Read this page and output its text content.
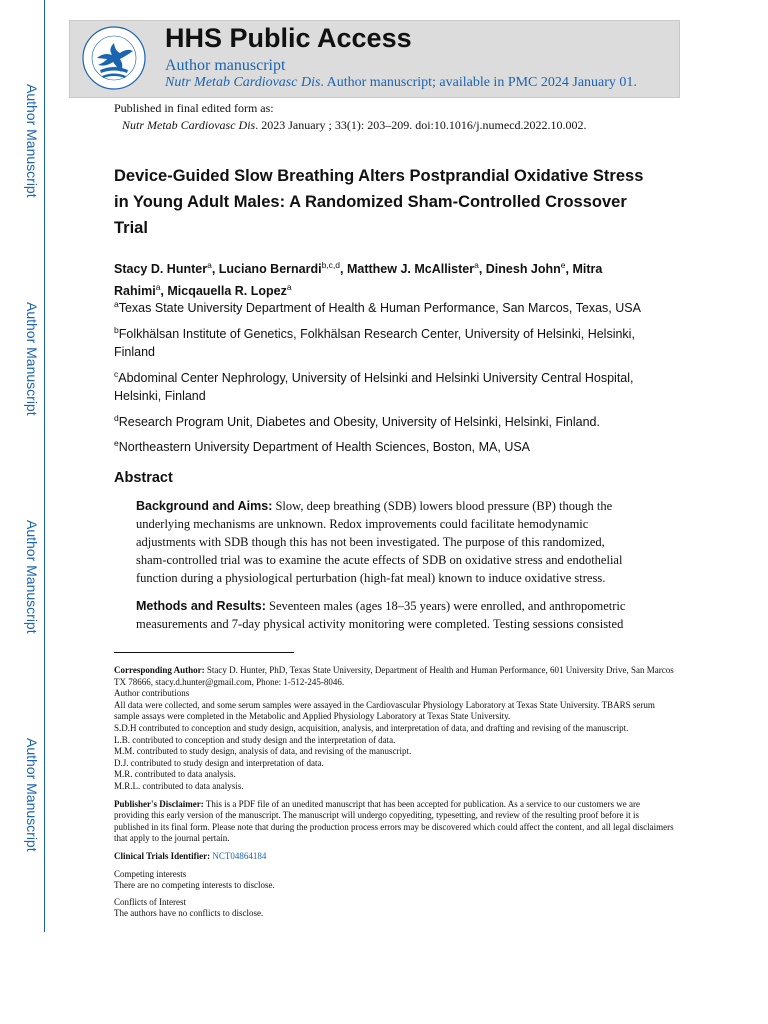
Author Manuscript
Author Manuscript
Author Manuscript
Author Manuscript
HHS Public Access
Author manuscript
Nutr Metab Cardiovasc Dis. Author manuscript; available in PMC 2024 January 01.
Published in final edited form as:
Nutr Metab Cardiovasc Dis. 2023 January ; 33(1): 203–209. doi:10.1016/j.numecd.2022.10.002.
Device-Guided Slow Breathing Alters Postprandial Oxidative Stress in Young Adult Males: A Randomized Sham-Controlled Crossover Trial
Stacy D. Hunter$^a$, Luciano Bernardi$^{b,c,d}$, Matthew J. McAllister$^a$, Dinesh John$^e$, Mitra Rahimi$^a$, Micqauella R. Lopez$^a$
$^a$Texas State University Department of Health & Human Performance, San Marcos, Texas, USA
$^b$Folkhälsan Institute of Genetics, Folkhälsan Research Center, University of Helsinki, Helsinki, Finland
$^c$Abdominal Center Nephrology, University of Helsinki and Helsinki University Central Hospital, Helsinki, Finland
$^d$Research Program Unit, Diabetes and Obesity, University of Helsinki, Helsinki, Finland.
$^e$Northeastern University Department of Health Sciences, Boston, MA, USA
Abstract
Background and Aims: Slow, deep breathing (SDB) lowers blood pressure (BP) though the underlying mechanisms are unknown. Redox improvements could facilitate hemodynamic adjustments with SDB though this has not been investigated. The purpose of this randomized, sham-controlled trial was to examine the acute effects of SDB on oxidative stress and endothelial function during a physiological perturbation (high-fat meal) known to induce oxidative stress.
Methods and Results: Seventeen males (ages 18–35 years) were enrolled, and anthropometric measurements and 7-day physical activity monitoring were completed. Testing sessions consisted

Corresponding Author: Stacy D. Hunter, PhD, Texas State University, Department of Health and Human Performance, 601 University Drive, San Marcos TX 78666, stacy.d.hunter@gmail.com, Phone: 1-512-245-8046.

Author contributions

All data were collected, and some serum samples were assayed in the Cardiovascular Physiology Laboratory at Texas State University. TBARS serum sample assays were completed in the Metabolic and Applied Physiology Laboratory at Texas State University.

S.D.H contributed to conception and study design, acquisition, analysis, and interpretation of data, and drafting and revising of the manuscript.

L.B. contributed to conception and study design and the interpretation of data.

M.M. contributed to study design, analysis of data, and revising of the manuscript.

D.J. contributed to study design and interpretation of data.

M.R. contributed to data analysis.

M.R.L. contributed to data analysis.

Publisher's Disclaimer: This is a PDF file of an unedited manuscript that has been accepted for publication. As a service to our customers we are providing this early version of the manuscript. The manuscript will undergo copyediting, typesetting, and review of the resulting proof before it is published in its final form. Please note that during the production process errors may be discovered which could affect the content, and all legal disclaimers that apply to the journal pertain.

Clinical Trials Identifier: NCT04864184

Competing interests

There are no competing interests to disclose.

Conflicts of Interest

The authors have no conflicts to disclose.
